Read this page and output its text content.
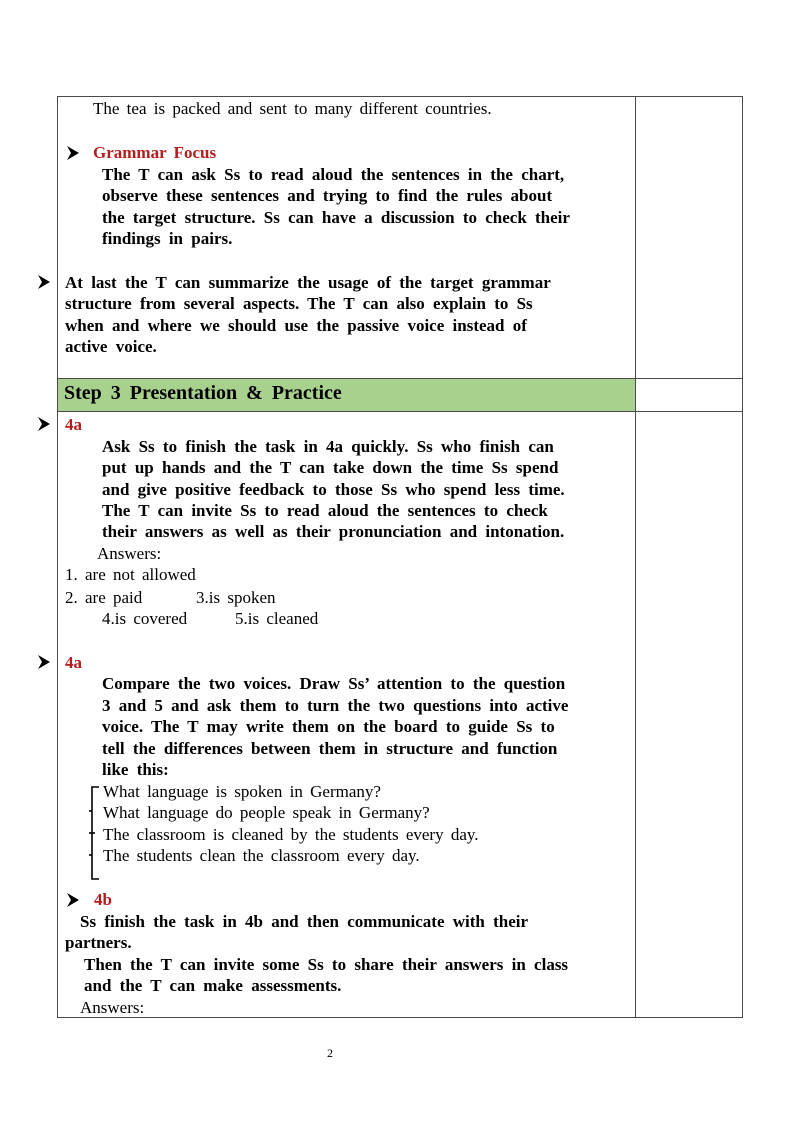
The tea is packed and sent to many different countries.
Grammar Focus
The T can ask Ss to read aloud the sentences in the chart,
observe these sentences and trying to find the rules about
the target structure. Ss can have a discussion to check their
findings in pairs.
At last the T can summarize the usage of the target grammar
structure from several aspects. The T can also explain to Ss
when and where we should use the passive voice instead of
active voice.
Step 3 Presentation & Practice
4a
Ask Ss to finish the task in 4a quickly. Ss who finish can
put up hands and the T can take down the time Ss spend
and give positive feedback to those Ss who spend less time.
The T can invite Ss to read aloud the sentences to check
their answers as well as their pronunciation and intonation.
Answers:
1. are not allowed
2. are paid	3.is spoken
4.is covered	5.is cleaned
4a
Compare the two voices. Draw Ss’ attention to the question
3 and 5 and ask them to turn the two questions into active
voice. The T may write them on the board to guide Ss to
tell the differences between them in structure and function
like this:
What language is spoken in Germany?
What language do people speak in Germany?
The classroom is cleaned by the students every day.
The students clean the classroom every day.
4b
Ss finish the task in 4b and then communicate with their
partners.
Then the T can invite some Ss to share their answers in class
and the T can make assessments.
Answers:
2
